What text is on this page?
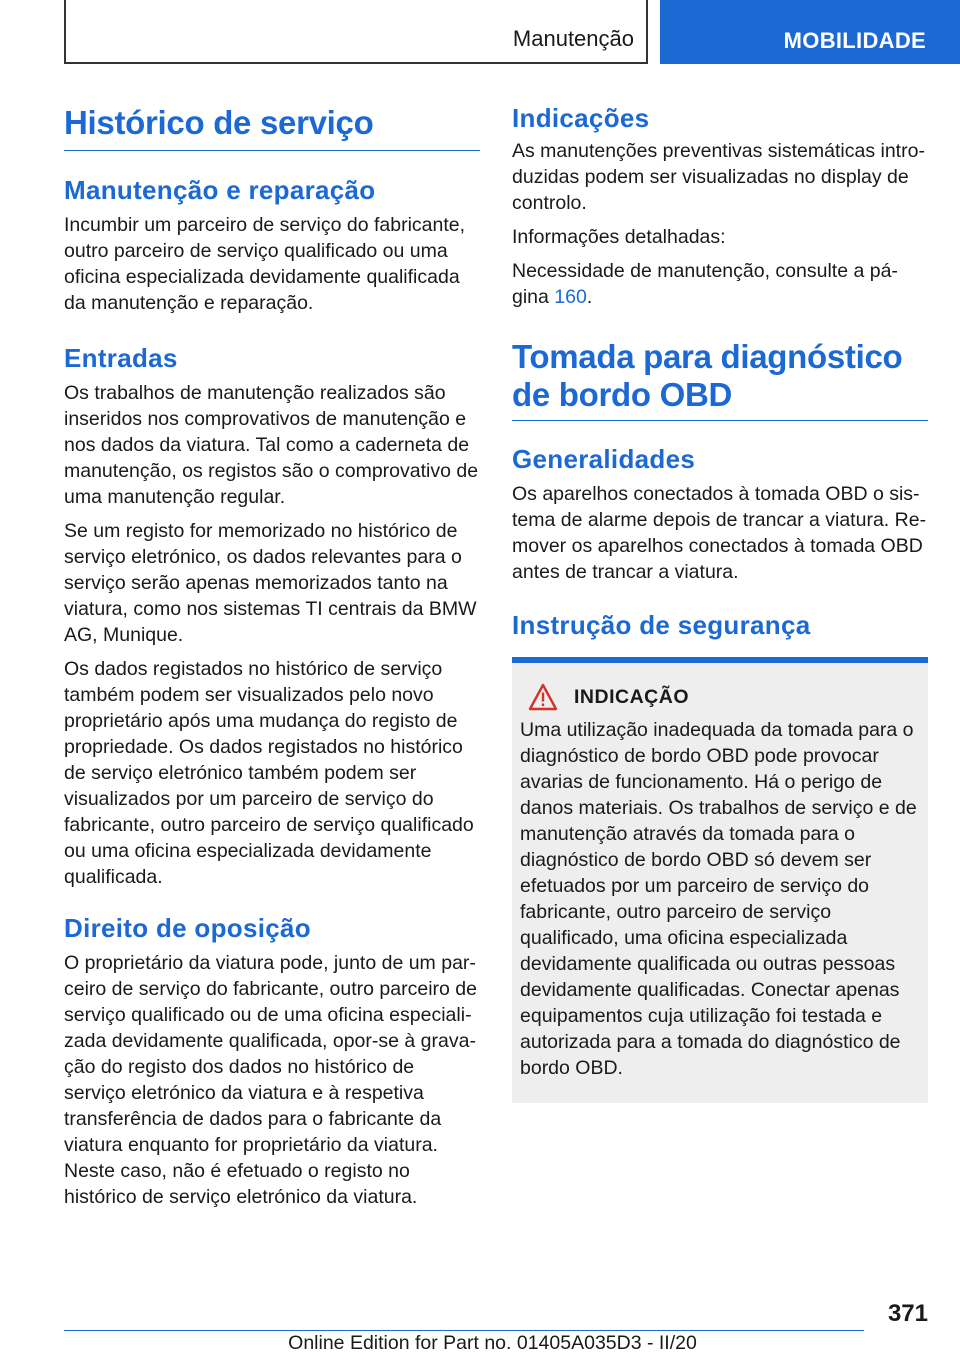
Manutenção	MOBILIDADE
Histórico de serviço
Manutenção e reparação

Incumbir um parceiro de serviço do fabricante, outro parceiro de serviço qualificado ou uma oficina especializada devidamente qualificada da manutenção e reparação.

Entradas

Os trabalhos de manutenção realizados são inseridos nos comprovativos de manutenção e nos dados da viatura. Tal como a caderneta de manutenção, os registos são o comprovativo de uma manutenção regular.

Se um registo for memorizado no histórico de serviço eletrónico, os dados relevantes para o serviço serão apenas memorizados tanto na viatura, como nos sistemas TI centrais da BMW AG, Munique.

Os dados registados no histórico de serviço também podem ser visualizados pelo novo proprietário após uma mudança do registo de propriedade. Os dados registados no histórico de serviço eletrónico também podem ser visualizados por um parceiro de serviço do fabricante, outro parceiro de serviço qualificado ou uma oficina especializada devidamente qualificada.

Direito de oposição

O proprietário da viatura pode, junto de um parceiro de serviço do fabricante, outro parceiro de serviço qualificado ou de uma oficina especializada devidamente qualificada, opor-se à gravação do registo dos dados no histórico de serviço eletrónico da viatura e à respetiva transferência de dados para o fabricante da viatura enquanto for proprietário da viatura. Neste caso, não é efetuado o registo no histórico de serviço eletrónico da viatura.

Indicações

As manutenções preventivas sistemáticas introduzidas podem ser visualizadas no display de controlo.

Informações detalhadas:

Necessidade de manutenção, consulte a página 160.

Tomada para diagnóstico de bordo OBD
Generalidades

Os aparelhos conectados à tomada OBD o sistema de alarme depois de trancar a viatura. Remover os aparelhos conectados à tomada OBD antes de trancar a viatura.

Instrução de segurança
INDICAÇÃO

Uma utilização inadequada da tomada para o diagnóstico de bordo OBD pode provocar avarias de funcionamento. Há o perigo de danos materiais. Os trabalhos de serviço e de manutenção através da tomada para o diagnóstico de bordo OBD só devem ser efetuados por um parceiro de serviço do fabricante, outro parceiro de serviço qualificado, uma oficina especializada devidamente qualificada ou outras pessoas devidamente qualificadas. Conectar apenas equipamentos cuja utilização foi testada e autorizada para a tomada do diagnóstico de bordo OBD.

371
Online Edition for Part no. 01405A035D3 - II/20
